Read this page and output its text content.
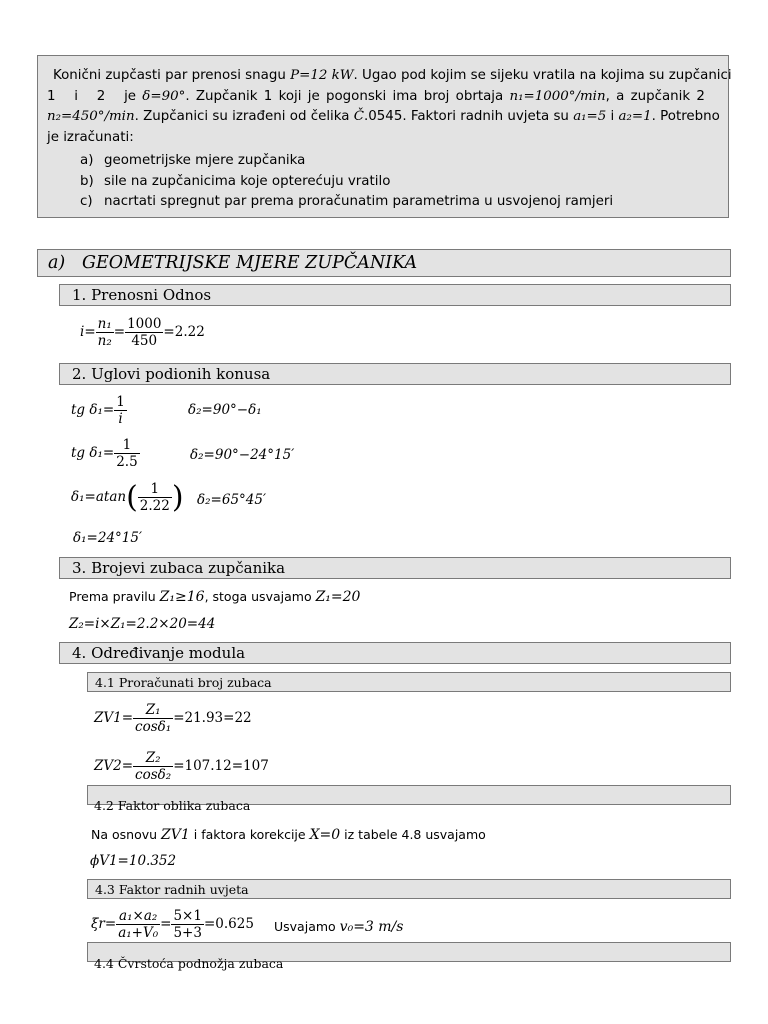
Konični zupčasti par prenosi snagu P=12 kW. Ugao pod kojim se sijeku vratila na kojima su zupčanici
1   i   2   je δ=90°. Zupčanik 1 koji je pogonski ima broj obrtaja n₁=1000°/min, a zupčanik 2
n₂=450°/min. Zupčanici su izrađeni od čelika Č.0545. Faktori radnih uvjeta su a₁=5 i a₂=1. Potrebno
je izračunati:
a) geometrijske mjere zupčanika
b) sile na zupčanicima koje opterećuju vratilo
c) nacrtati spregnut par prema proračunatim parametrima u usvojenoj ramjeri
a) GEOMETRIJSKE MJERE ZUPČANIKA
1. Prenosni Odnos
$i= \frac{\text{n₁}}{\text{n₂}} = \frac{1000}{450} =2.22$
2. Uglovi podionih konusa
tg $\delta_1= \frac{1}{i}$	δ₂=90°−δ₁
tg $\delta_1= \frac{1}{2.5}$	δ₂=90°−24°15′
$\delta_1=atan( \frac{1}{2.22}$ ) δ₂=65°45′
δ₁=24°15′
3. Brojevi zubaca zupčanika
Prema pravilu Z₁≥16, stoga usvajamo Z₁=20
Z₂=i×Z₁=2.2×20=44
4. Određivanje modula
4.1 Proračunati broj zubaca
$ZV1= \frac{\text{Z₁}}{\text{cosδ₁}} =21.93=22$
$ZV2= \frac{\text{Z₂}}{\text{cosδ₂}} =107.12=107$
4.2 Faktor oblika zubaca
Na osnovu ZV1 i faktora korekcije X=0 iz tabele 4.8 usvajamo
ϕV1=10.352
4.3 Faktor radnih uvjeta
$\xi r= \frac{\text{a₁×a₂}}{\text{a₁+V₀}} = \frac{5\times 1}{5+3} =0.625$ Usvajamo v₀=3 m/s
4.4 Čvrstoća podnožja zubaca
